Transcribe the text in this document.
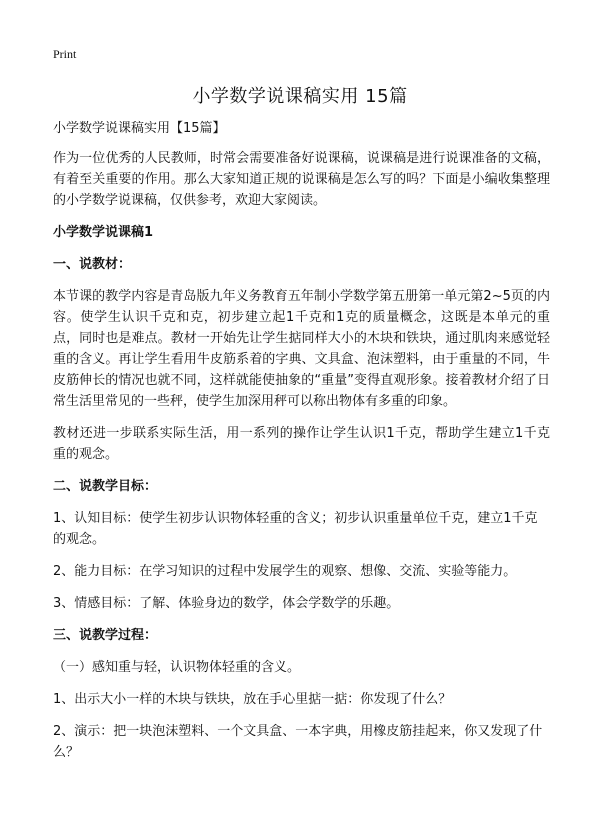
Print
小学数学说课稿实用 15篇

小学数学说课稿实用【15篇】

作为一位优秀的人民教师，时常会需要准备好说课稿，说课稿是进行说课准备的文稿，有着至关重要的作用。那么大家知道正规的说课稿是怎么写的吗？下面是小编收集整理的小学数学说课稿，仅供参考，欢迎大家阅读。

小学数学说课稿1

一、说教材：

本节课的教学内容是青岛版九年义务教育五年制小学数学第五册第一单元第2~5页的内容。使学生认识千克和克，初步建立起1千克和1克的质量概念，这既是本单元的重点，同时也是难点。教材一开始先让学生掂同样大小的木块和铁块，通过肌肉来感觉轻重的含义。再让学生看用牛皮筋系着的字典、文具盒、泡沫塑料，由于重量的不同，牛皮筋伸长的情况也就不同，这样就能使抽象的“重量”变得直观形象。接着教材介绍了日常生活里常见的一些秤，使学生加深用秤可以称出物体有多重的印象。

教材还进一步联系实际生活，用一系列的操作让学生认识1千克，帮助学生建立1千克重的观念。

二、说教学目标：

1、认知目标：使学生初步认识物体轻重的含义；初步认识重量单位千克，建立1千克的观念。

2、能力目标：在学习知识的过程中发展学生的观察、想像、交流、实验等能力。

3、情感目标：了解、体验身边的数学，体会学数学的乐趣。

三、说教学过程：

（一）感知重与轻，认识物体轻重的含义。

1、出示大小一样的木块与铁块，放在手心里掂一掂：你发现了什么？

2、演示：把一块泡沫塑料、一个文具盒、一本字典，用橡皮筋挂起来，你又发现了什么？
